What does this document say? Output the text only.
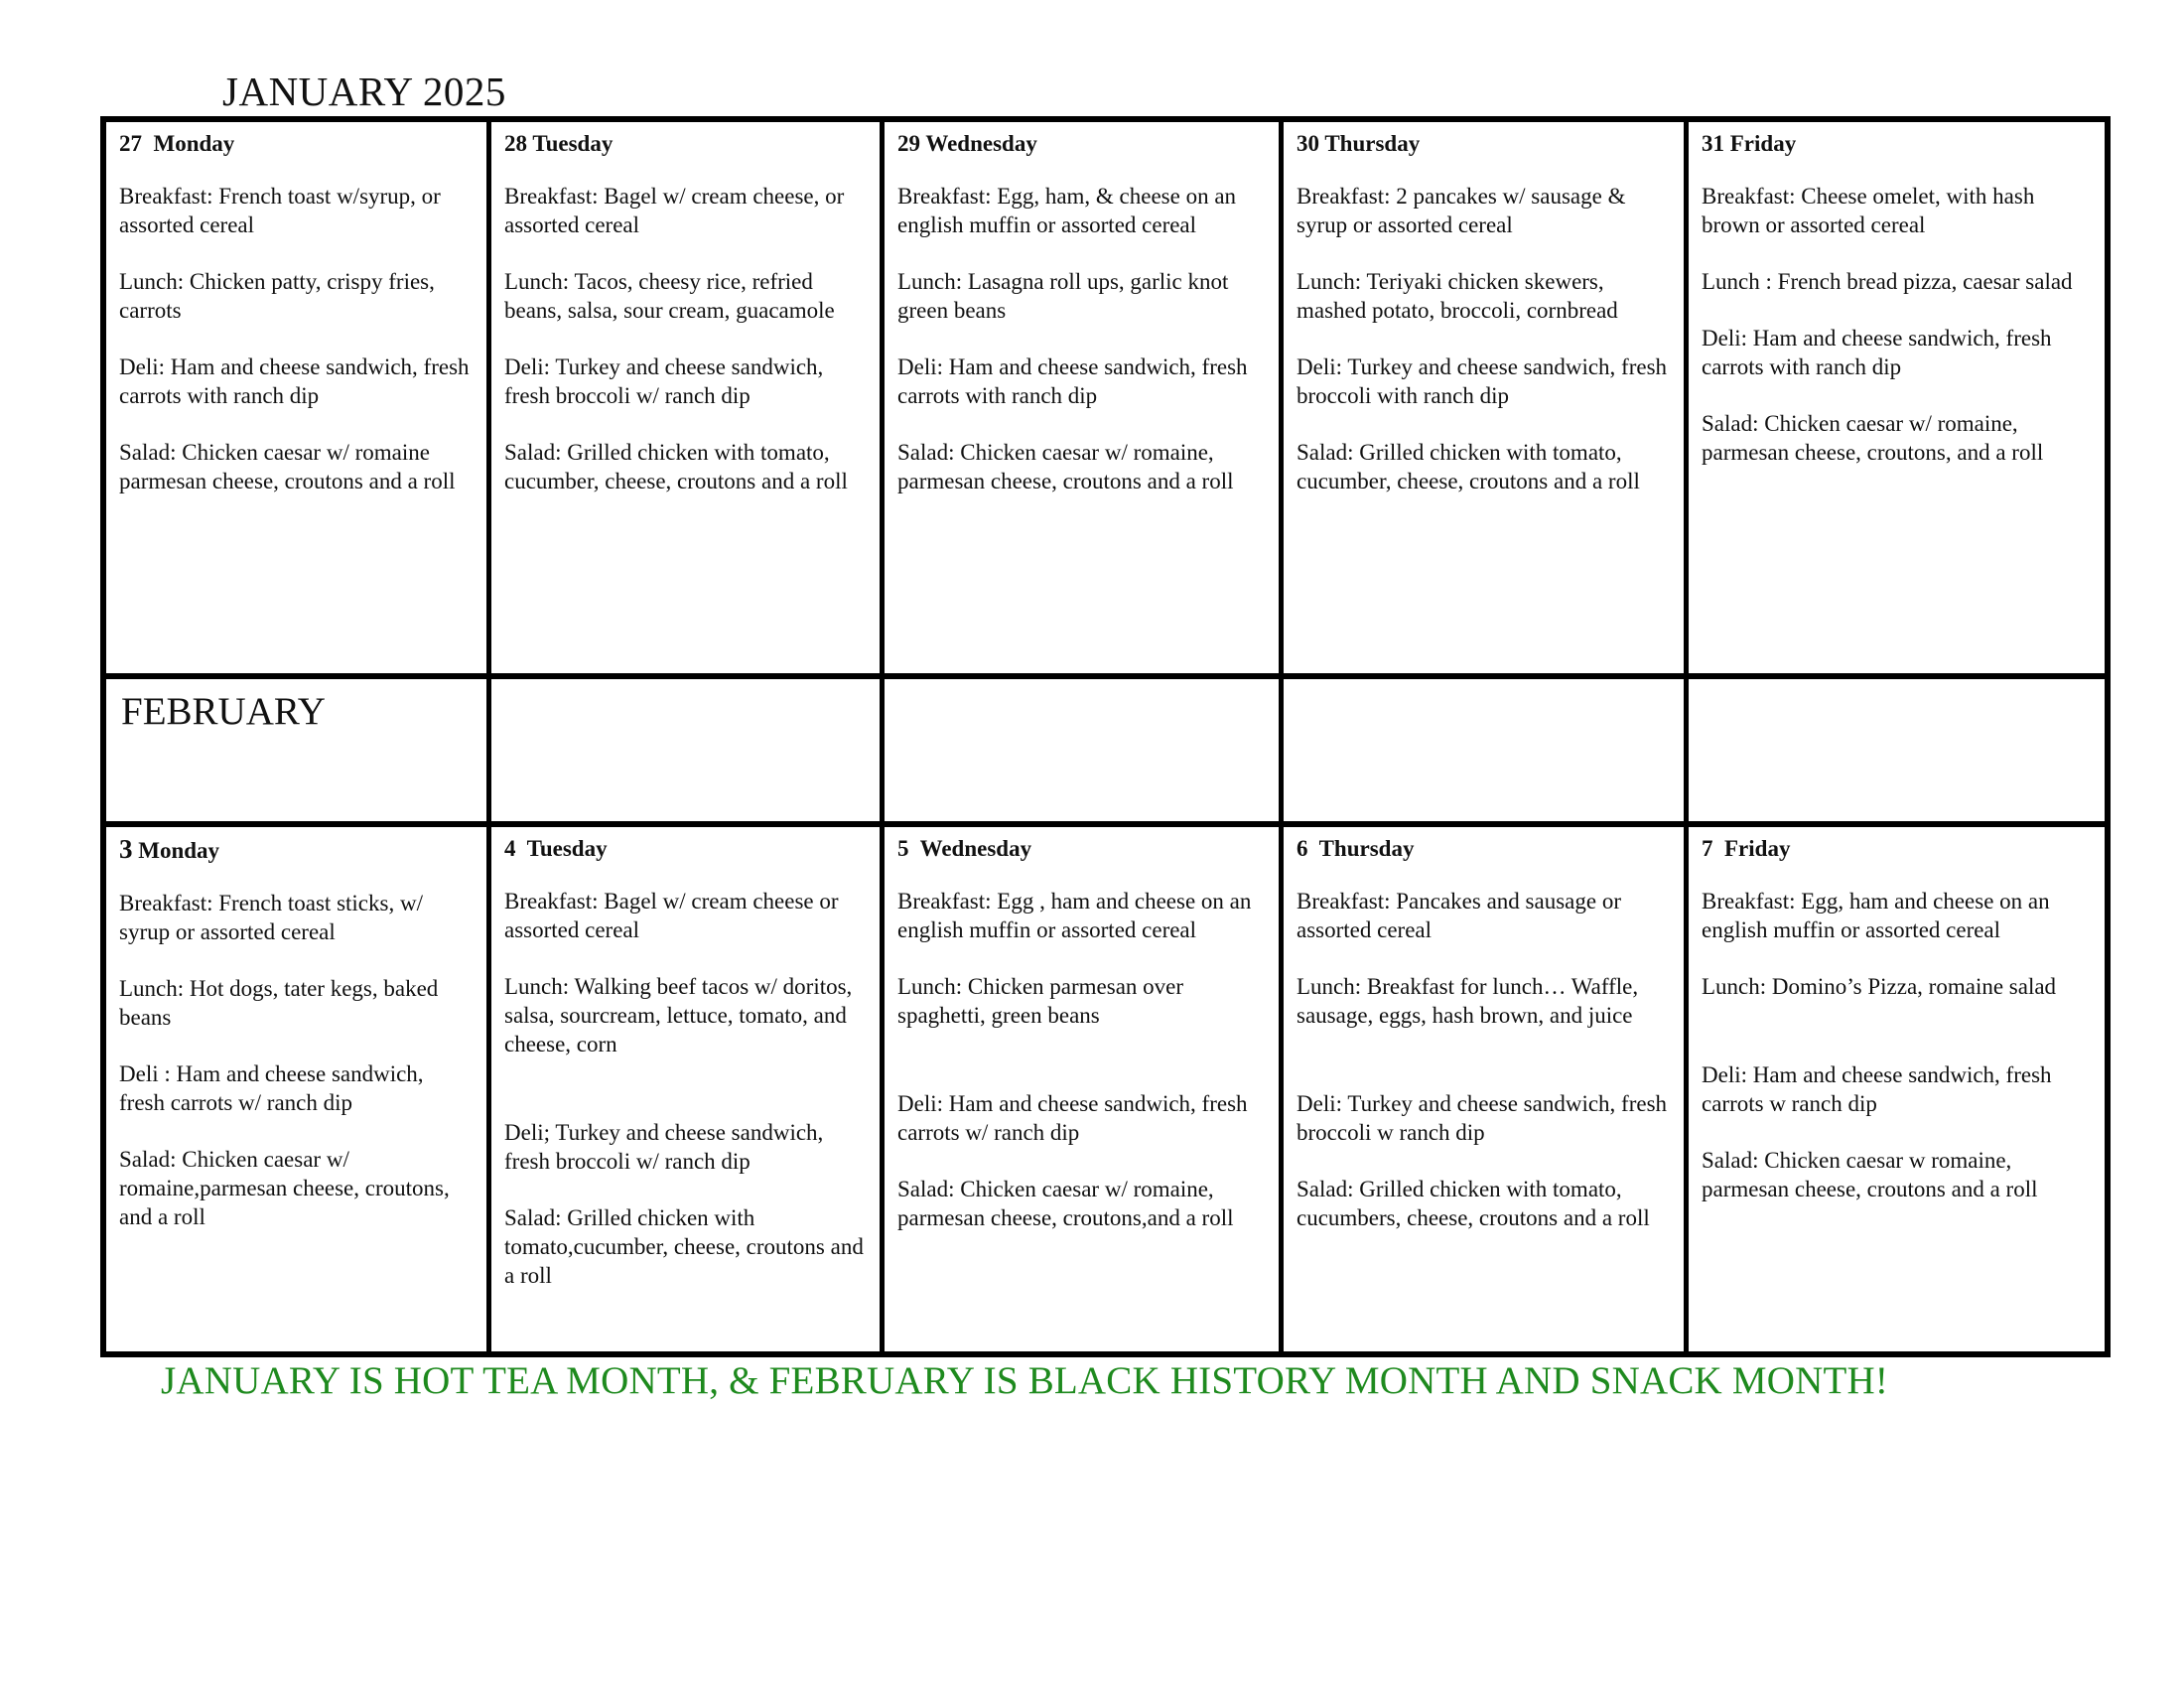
JANUARY 2025
27 Monday
Breakfast: French toast w/syrup, or assorted cereal
Lunch: Chicken patty, crispy fries, carrots
Deli: Ham and cheese sandwich, fresh carrots with ranch dip
Salad: Chicken caesar w/ romaine parmesan cheese, croutons and a roll
28 Tuesday
Breakfast: Bagel w/ cream cheese, or assorted cereal
Lunch: Tacos, cheesy rice, refried beans, salsa, sour cream, guacamole
Deli: Turkey and cheese sandwich, fresh broccoli w/ ranch dip
Salad: Grilled chicken with tomato, cucumber, cheese, croutons and a roll
29 Wednesday
Breakfast: Egg, ham, & cheese on an english muffin or assorted cereal
Lunch: Lasagna roll ups, garlic knot green beans
Deli: Ham and cheese sandwich, fresh carrots with ranch dip
Salad: Chicken caesar w/ romaine, parmesan cheese, croutons and a roll
30 Thursday
Breakfast: 2 pancakes w/ sausage & syrup or assorted cereal
Lunch: Teriyaki chicken skewers, mashed potato, broccoli, cornbread
Deli: Turkey and cheese sandwich, fresh broccoli with ranch dip
Salad: Grilled chicken with tomato, cucumber, cheese, croutons and a roll
31 Friday
Breakfast: Cheese omelet, with hash brown or assorted cereal
Lunch : French bread pizza, caesar salad
Deli: Ham and cheese sandwich, fresh carrots with ranch dip
Salad: Chicken caesar w/ romaine, parmesan cheese, croutons, and a roll
FEBRUARY
3 Monday
Breakfast: French toast sticks, w/ syrup or assorted cereal
Lunch: Hot dogs, tater kegs, baked beans
Deli : Ham and cheese sandwich, fresh carrots w/ ranch dip
Salad: Chicken caesar w/ romaine,parmesan cheese, croutons, and a roll
4 Tuesday
Breakfast: Bagel w/ cream cheese or assorted cereal
Lunch: Walking beef tacos w/ doritos, salsa, sourcream, lettuce, tomato, and cheese, corn
Deli; Turkey and cheese sandwich, fresh broccoli w/ ranch dip
Salad: Grilled chicken with tomato,cucumber, cheese, croutons and a roll
5 Wednesday
Breakfast: Egg , ham and cheese on an english muffin or assorted cereal
Lunch: Chicken parmesan over spaghetti, green beans
Deli: Ham and cheese sandwich, fresh carrots w/ ranch dip
Salad: Chicken caesar w/ romaine, parmesan cheese, croutons,and a roll
6 Thursday
Breakfast: Pancakes and sausage or assorted cereal
Lunch: Breakfast for lunch… Waffle, sausage, eggs, hash brown, and juice
Deli: Turkey and cheese sandwich, fresh broccoli w ranch dip
Salad: Grilled chicken with tomato, cucumbers, cheese, croutons and a roll
7 Friday
Breakfast: Egg, ham and cheese on an english muffin or assorted cereal
Lunch: Domino’s Pizza, romaine salad
Deli: Ham and cheese sandwich, fresh carrots w ranch dip
Salad: Chicken caesar w romaine, parmesan cheese, croutons and a roll
JANUARY IS HOT TEA MONTH, & FEBRUARY IS BLACK HISTORY MONTH AND SNACK MONTH!
